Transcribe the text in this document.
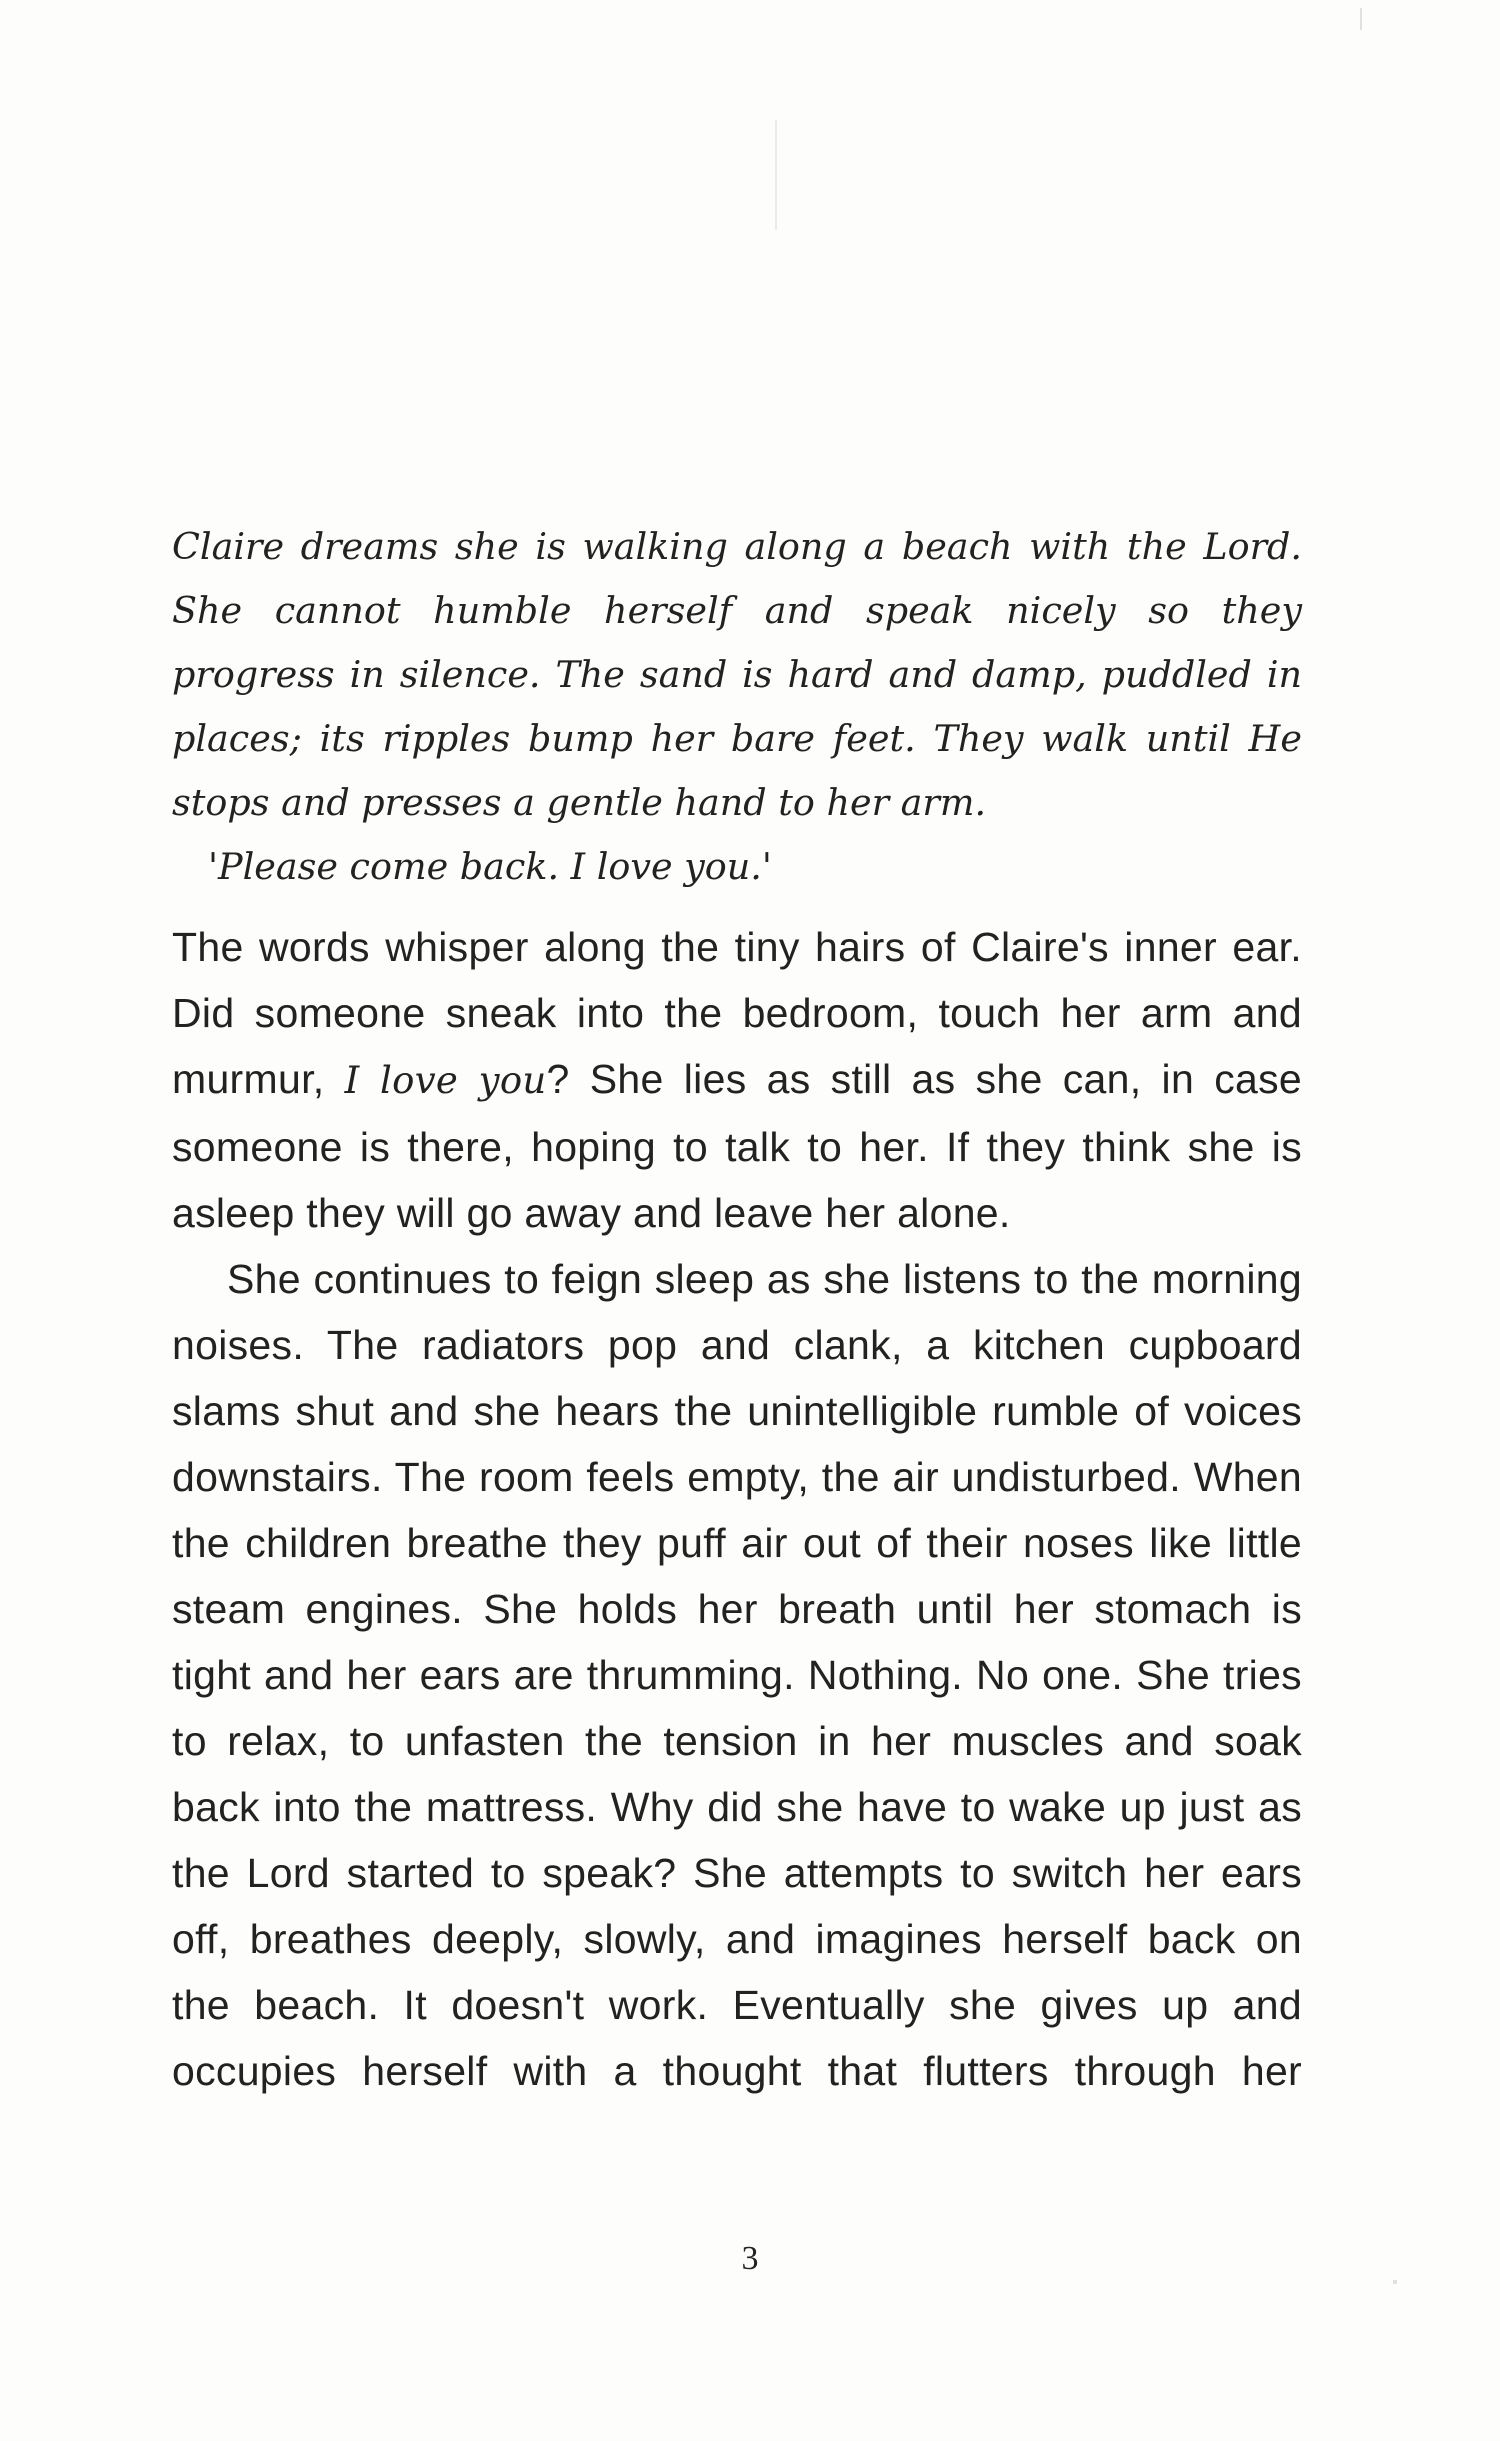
Claire dreams she is walking along a beach with the Lord. She cannot humble herself and speak nicely so they progress in silence. The sand is hard and damp, puddled in places; its ripples bump her bare feet. They walk until He stops and presses a gentle hand to her arm.

'Please come back. I love you.'

The words whisper along the tiny hairs of Claire's inner ear. Did someone sneak into the bedroom, touch her arm and murmur, I love you? She lies as still as she can, in case someone is there, hoping to talk to her. If they think she is asleep they will go away and leave her alone.

She continues to feign sleep as she listens to the morning noises. The radiators pop and clank, a kitchen cupboard slams shut and she hears the unintelligible rumble of voices downstairs. The room feels empty, the air undisturbed. When the children breathe they puff air out of their noses like little steam engines. She holds her breath until her stomach is tight and her ears are thrumming. Nothing. No one. She tries to relax, to unfasten the tension in her muscles and soak back into the mattress. Why did she have to wake up just as the Lord started to speak? She attempts to switch her ears off, breathes deeply, slowly, and imagines herself back on the beach. It doesn't work. Eventually she gives up and occupies herself with a thought that flutters through her

3
